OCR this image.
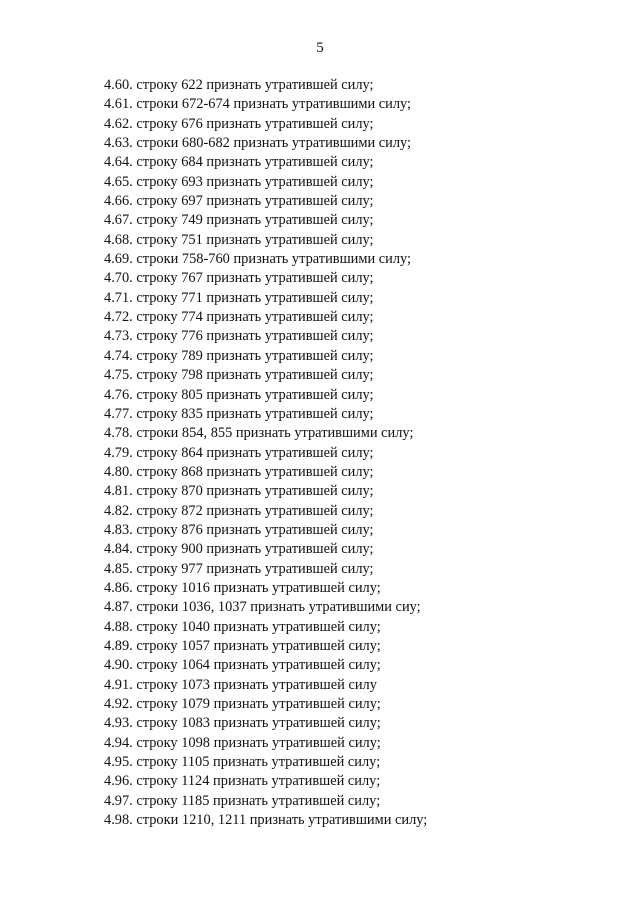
5
4.60. строку 622 признать утратившей силу;
4.61. строки 672-674 признать утратившими силу;
4.62. строку 676 признать утратившей силу;
4.63. строки 680-682 признать утратившими силу;
4.64. строку 684 признать утратившей силу;
4.65. строку 693 признать утратившей силу;
4.66. строку 697 признать утратившей силу;
4.67. строку 749 признать утратившей силу;
4.68. строку 751 признать утратившей силу;
4.69. строки 758-760 признать утратившими силу;
4.70. строку 767 признать утратившей силу;
4.71. строку 771 признать утратившей силу;
4.72. строку 774 признать утратившей силу;
4.73. строку 776 признать утратившей силу;
4.74. строку 789 признать утратившей силу;
4.75. строку 798 признать утратившей силу;
4.76. строку 805 признать утратившей силу;
4.77. строку 835 признать утратившей силу;
4.78. строки 854, 855 признать утратившими силу;
4.79. строку 864 признать утратившей силу;
4.80. строку 868 признать утратившей силу;
4.81. строку 870 признать утратившей силу;
4.82. строку 872 признать утратившей силу;
4.83. строку 876 признать утратившей силу;
4.84. строку 900 признать утратившей силу;
4.85. строку 977 признать утратившей силу;
4.86. строку 1016 признать утратившей силу;
4.87. строки 1036, 1037 признать утратившими сиу;
4.88. строку 1040 признать утратившей силу;
4.89. строку 1057 признать утратившей силу;
4.90. строку 1064 признать утратившей силу;
4.91. строку 1073 признать утратившей силу
4.92. строку 1079 признать утратившей силу;
4.93. строку 1083 признать утратившей силу;
4.94. строку 1098 признать утратившей силу;
4.95. строку 1105 признать утратившей силу;
4.96. строку 1124 признать утратившей силу;
4.97. строку 1185 признать утратившей силу;
4.98. строки 1210, 1211 признать утратившими силу;
